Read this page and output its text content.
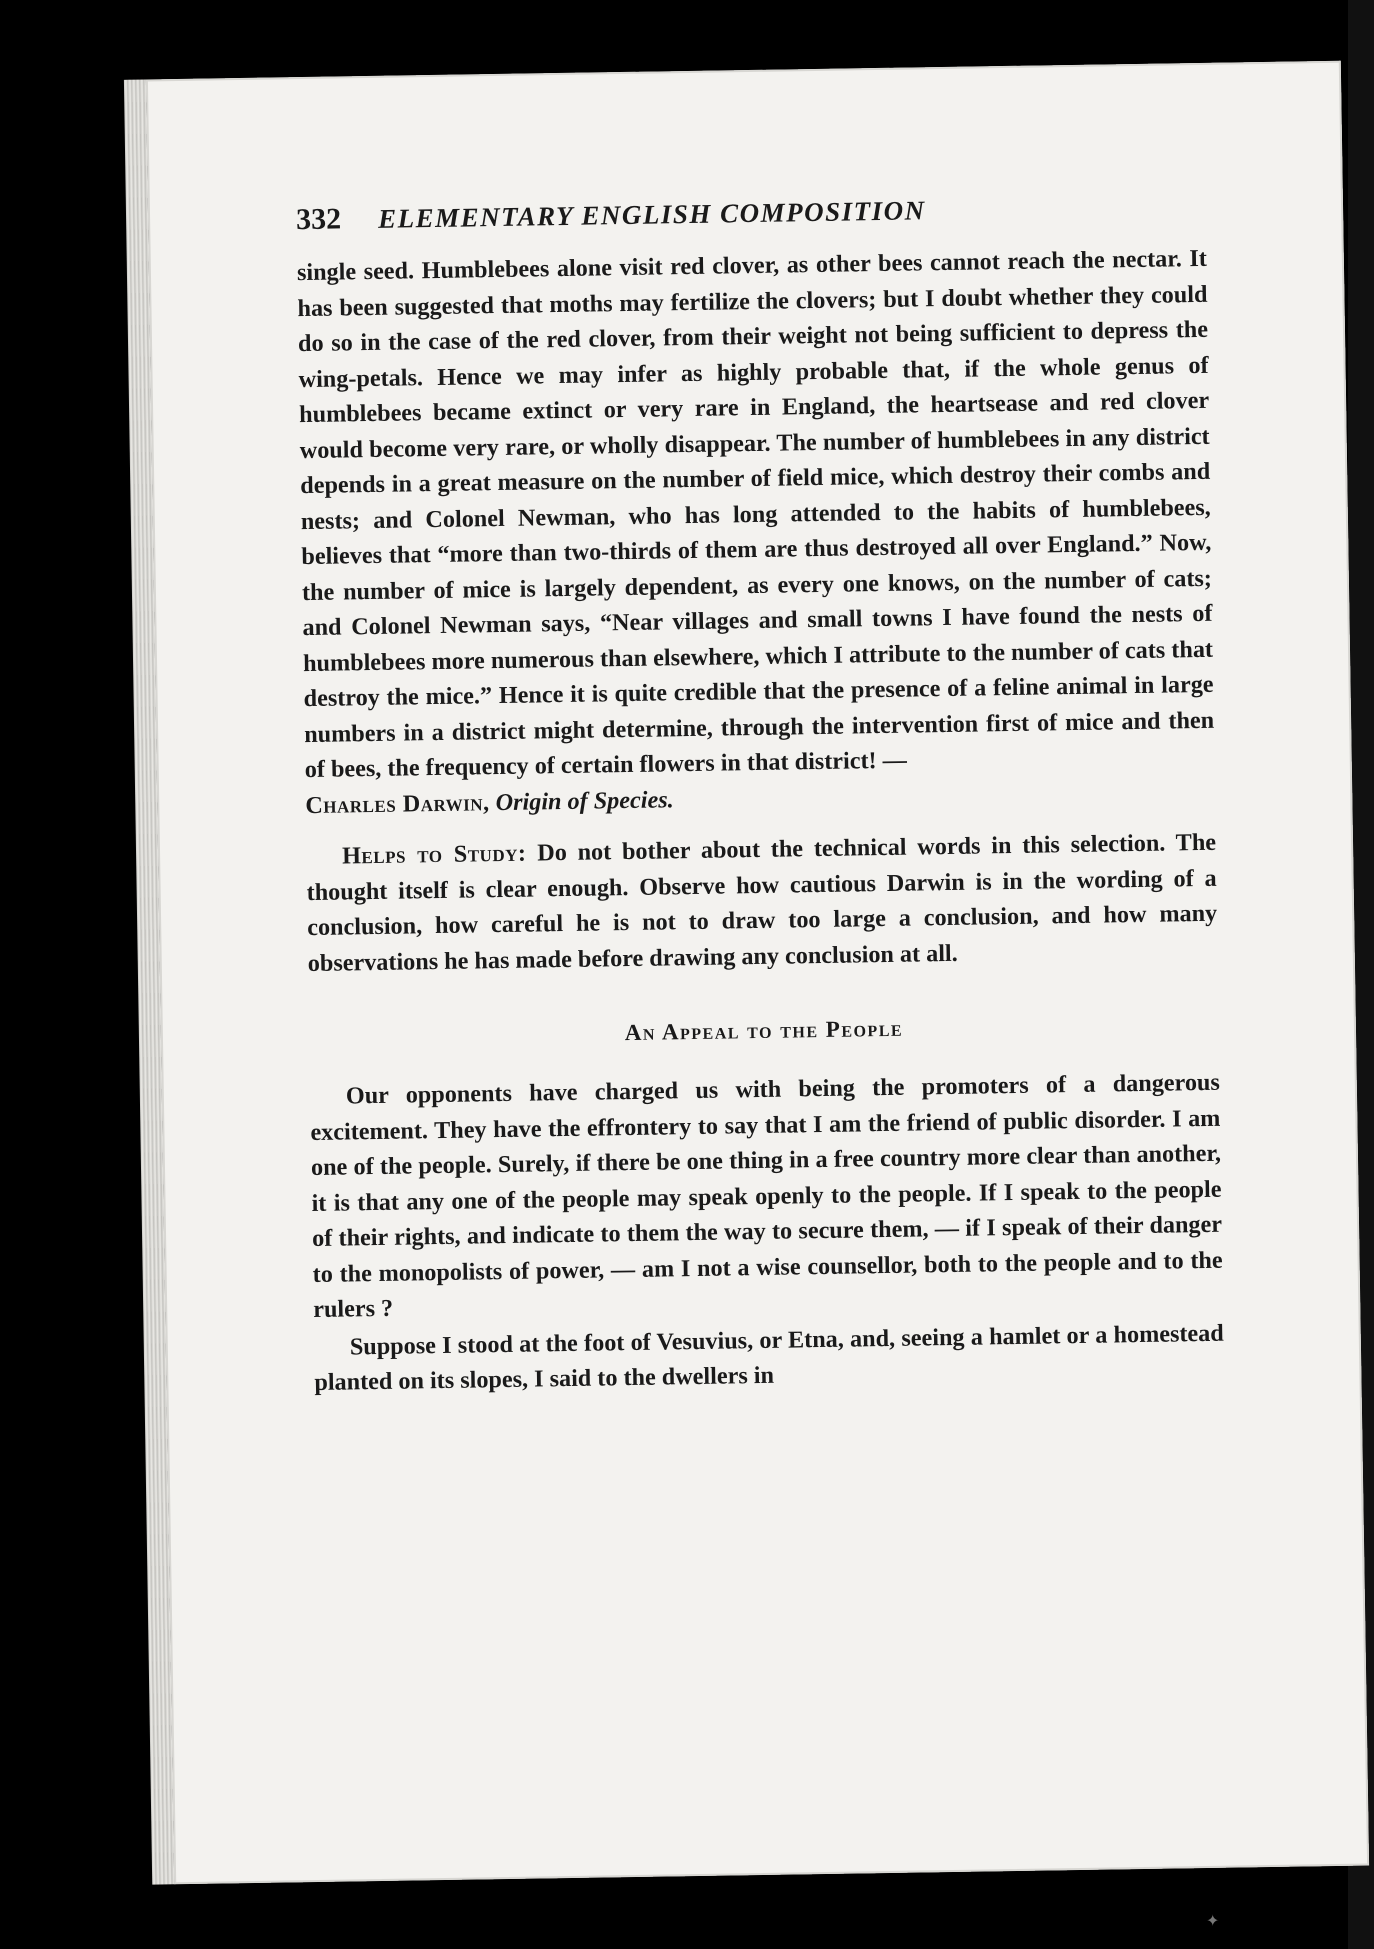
332	ELEMENTARY ENGLISH COMPOSITION

single seed. Humblebees alone visit red clover, as other bees cannot reach the nectar. It has been suggested that moths may fertilize the clovers; but I doubt whether they could do so in the case of the red clover, from their weight not being sufficient to depress the wing-petals. Hence we may infer as highly probable that, if the whole genus of humblebees became extinct or very rare in England, the heartsease and red clover would become very rare, or wholly disappear. The number of humblebees in any district depends in a great measure on the number of field mice, which destroy their combs and nests; and Colonel Newman, who has long attended to the habits of humblebees, believes that “more than two-thirds of them are thus destroyed all over England.” Now, the number of mice is largely dependent, as every one knows, on the number of cats; and Colonel Newman says, “Near villages and small towns I have found the nests of humblebees more numerous than elsewhere, which I attribute to the number of cats that destroy the mice.” Hence it is quite credible that the presence of a feline animal in large numbers in a district might determine, through the intervention first of mice and then of bees, the frequency of certain flowers in that district! —
Charles Darwin, Origin of Species.

Helps to Study: Do not bother about the technical words in this selection. The thought itself is clear enough. Observe how cautious Darwin is in the wording of a conclusion, how careful he is not to draw too large a conclusion, and how many observations he has made before drawing any conclusion at all.

An Appeal to the People

Our opponents have charged us with being the promoters of a dangerous excitement. They have the effrontery to say that I am the friend of public disorder. I am one of the people. Surely, if there be one thing in a free country more clear than another, it is that any one of the people may speak openly to the people. If I speak to the people of their rights, and indicate to them the way to secure them, — if I speak of their danger to the monopolists of power, — am I not a wise counsellor, both to the people and to the rulers ?

Suppose I stood at the foot of Vesuvius, or Etna, and, seeing a hamlet or a homestead planted on its slopes, I said to the dwellers in

✦
